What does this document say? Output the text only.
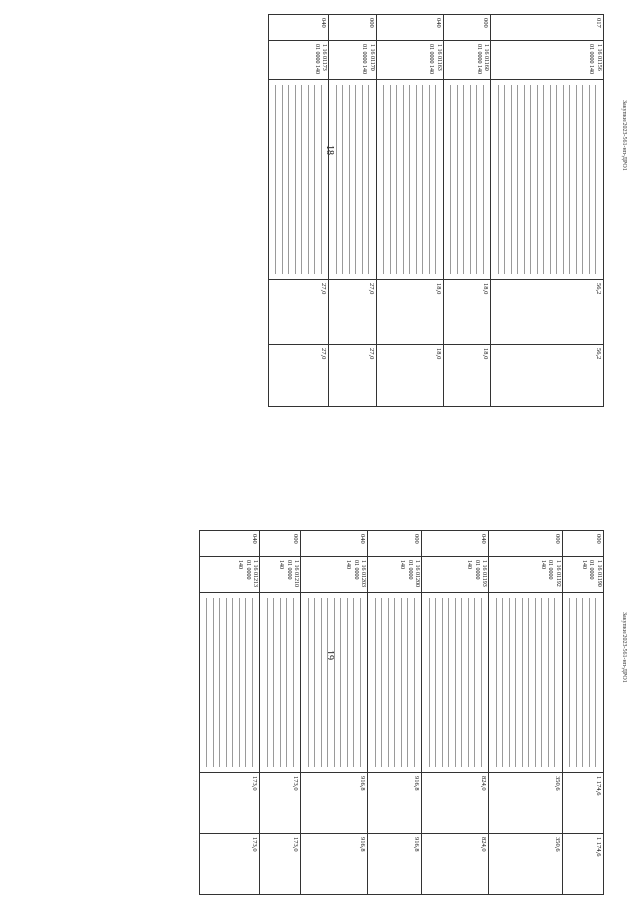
18	Закупки/2023-561-нп-ДРО1
017	1 16 01156
01 0000 140		56,2	56,2
000	1 16 01160
01 0000 140		18,0	18,0
040	1 16 01163
01 0000 140		18,0	18,0
000	1 16 01170
01 0000 140		27,0	27,0
040	1 16 01173
01 0000 140		27,0	27,0
19	Закупки/2023-561-нп-ДРО1
000	1 16 01190
01 0000 140		1 174,6	1 174,6
000	1 16 01192
01 0000 140		350,6	350,6
040	1 16 01193
01 0000 140		824,0	824,0
000	1 16 01200
01 0000 140		916,8	916,8
040	1 16 01203
01 0000 140		916,8	916,8
000	1 16 01210
01 0000 140		173,0	173,0
040	1 16 01213
01 0000 140		173,0	173,0
